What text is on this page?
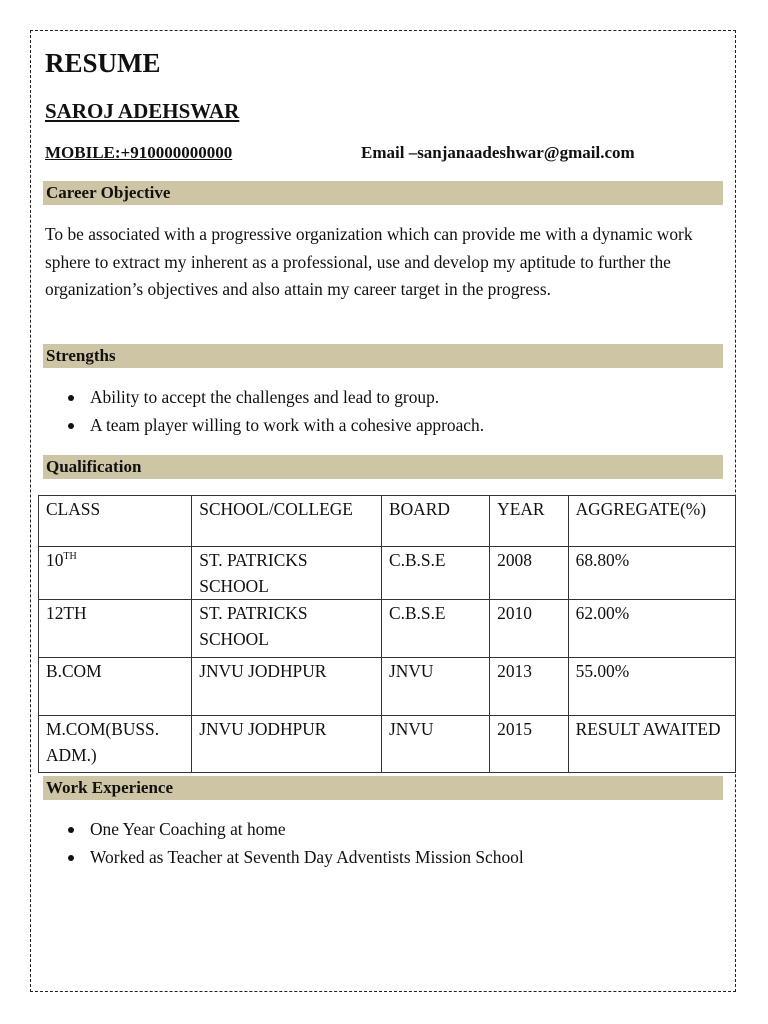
RESUME
SAROJ ADEHSWAR
MOBILE:+910000000000	Email –sanjanaadeshwar@gmail.com
Career Objective

To be associated with a progressive organization which can provide me with a dynamic work sphere to extract my inherent as a professional, use and develop my aptitude to further the organization’s objectives and also attain my career target in the progress.

Strengths
Ability to accept the challenges and lead to group.
A team player willing to work with a cohesive approach.
Qualification
CLASS	SCHOOL/COLLEGE	BOARD	YEAR	AGGREGATE(%)
10TH	ST. PATRICKS SCHOOL	C.B.S.E	2008	68.80%
12TH	ST. PATRICKS SCHOOL	C.B.S.E	2010	62.00%
B.COM	JNVU JODHPUR	JNVU	2013	55.00%
M.COM(BUSS. ADM.)	JNVU JODHPUR	JNVU	2015	RESULT AWAITED
Work Experience
One Year Coaching at home
Worked as Teacher at Seventh Day Adventists Mission School
